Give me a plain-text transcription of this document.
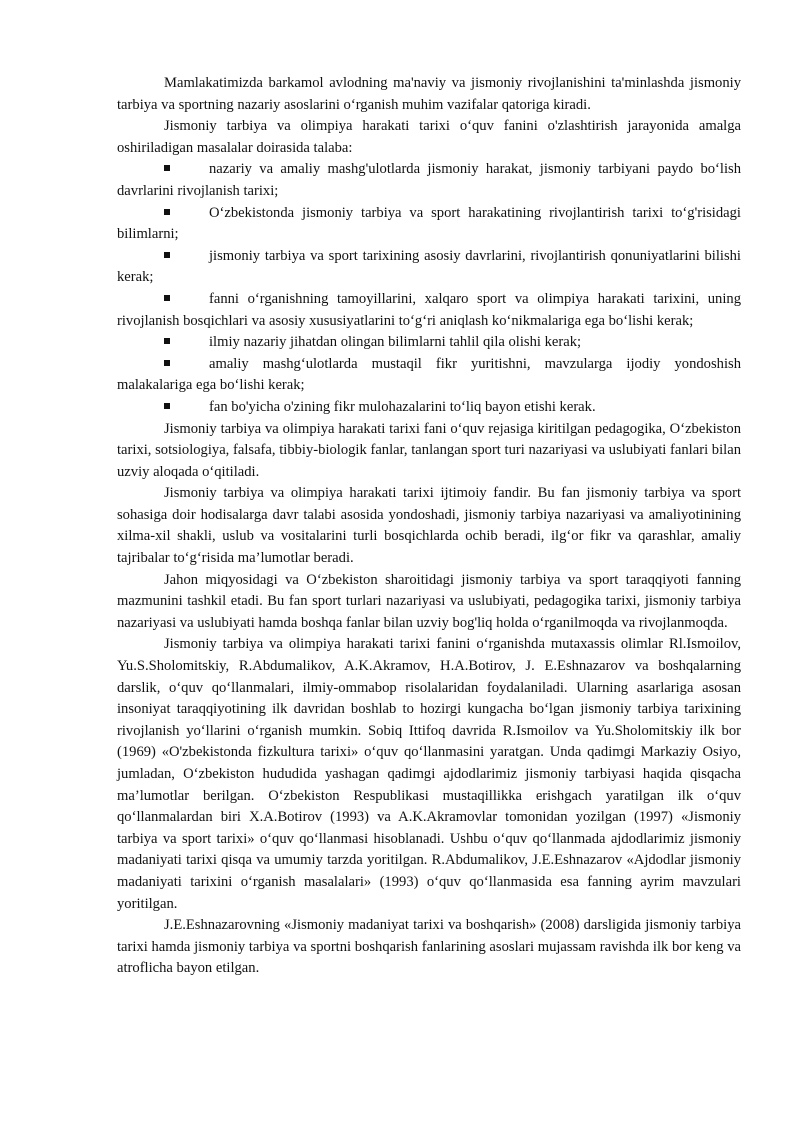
Mamlakatimizda barkamol avlodning ma'naviy va jismoniy rivojlanishini ta'minlashda jismoniy tarbiya va sportning nazariy asoslarini o‘rganish muhim vazifalar qatoriga kiradi.

Jismoniy tarbiya va olimpiya harakati tarixi o‘quv fanini o'zlashtirish jarayonida amalga oshiriladigan masalalar doirasida talaba:

nazariy va amaliy mashg'ulotlarda jismoniy harakat, jismoniy tarbiyani paydo bo‘lish davrlarini rivojlanish tarixi;

O‘zbekistonda jismoniy tarbiya va sport harakatining rivojlantirish tarixi to‘g'risidagi bilimlarni;

jismoniy tarbiya va sport tarixining asosiy davrlarini, rivojlantirish qonuniyatlarini bilishi kerak;

fanni o‘rganishning tamoyillarini, xalqaro sport va olimpiya harakati tarixini, uning rivojlanish bosqichlari va asosiy xususiyatlarini to‘g‘ri aniqlash ko‘nikmalariga ega bo‘lishi kerak;

ilmiy nazariy jihatdan olingan bilimlarni tahlil qila olishi kerak;

amaliy mashg‘ulotlarda mustaqil fikr yuritishni, mavzularga ijodiy yondoshish malakalariga ega bo‘lishi kerak;

fan bo'yicha o'zining fikr mulohazalarini to‘liq bayon etishi kerak.

Jismoniy tarbiya va olimpiya harakati tarixi fani o‘quv rejasiga kiritilgan pedagogika, O‘zbekiston tarixi, sotsiologiya, falsafa, tibbiy-biologik fanlar, tanlangan sport turi nazariyasi va uslubiyati fanlari bilan uzviy aloqada o‘qitiladi.

Jismoniy tarbiya va olimpiya harakati tarixi ijtimoiy fandir. Bu fan jismoniy tarbiya va sport sohasiga doir hodisalarga davr talabi asosida yondoshadi, jismoniy tarbiya nazariyasi va amaliyotinining xilma-xil shakli, uslub va vositalarini turli bosqichlarda ochib beradi, ilg‘or fikr va qarashlar, amaliy tajribalar to‘g‘risida ma’lumotlar beradi.

Jahon miqyosidagi va O‘zbekiston sharoitidagi jismoniy tarbiya va sport taraqqiyoti fanning mazmunini tashkil etadi. Bu fan sport turlari nazariyasi va uslubiyati, pedagogika tarixi, jismoniy tarbiya nazariyasi va uslubiyati hamda boshqa fanlar bilan uzviy bog'liq holda o‘rganilmoqda va rivojlanmoqda.

Jismoniy tarbiya va olimpiya harakati tarixi fanini o‘rganishda mutaxassis olimlar Rl.Ismoilov, Yu.S.Sholomitskiy, R.Abdumalikov, A.K.Akramov, H.A.Botirov, J. E.Eshnazarov va boshqalarning darslik, o‘quv qo‘llanmalari, ilmiy-ommabop risolalaridan foydalaniladi. Ularning asarlariga asosan insoniyat taraqqiyotining ilk davridan boshlab to hozirgi kungacha bo‘lgan jismoniy tarbiya tarixining rivojlanish yo‘llarini o‘rganish mumkin. Sobiq Ittifoq davrida R.Ismoilov va Yu.Sholomitskiy ilk bor (1969) «O'zbekistonda fizkultura tarixi» o‘quv qo‘llanmasini yaratgan. Unda qadimgi Markaziy Osiyo, jumladan, O‘zbekiston hududida yashagan qadimgi ajdodlarimiz jismoniy tarbiyasi haqida qisqacha ma’lumotlar berilgan. O‘zbekiston Respublikasi mustaqillikka erishgach yaratilgan ilk o‘quv qo‘llanmalardan biri X.A.Botirov (1993) va A.K.Akramovlar tomonidan yozilgan (1997) «Jismoniy tarbiya va sport tarixi» o‘quv qo‘llanmasi hisoblanadi. Ushbu o‘quv qo‘llanmada ajdodlarimiz jismoniy madaniyati tarixi qisqa va umumiy tarzda yoritilgan. R.Abdumalikov, J.E.Eshnazarov «Ajdodlar jismoniy madaniyati tarixini o‘rganish masalalari» (1993) o‘quv qo‘llanmasida esa fanning ayrim mavzulari yoritilgan.

J.E.Eshnazarovning «Jismoniy madaniyat tarixi va boshqarish» (2008) darsligida jismoniy tarbiya tarixi hamda jismoniy tarbiya va sportni boshqarish fanlarining asoslari mujassam ravishda ilk bor keng va atroflicha bayon etilgan.
